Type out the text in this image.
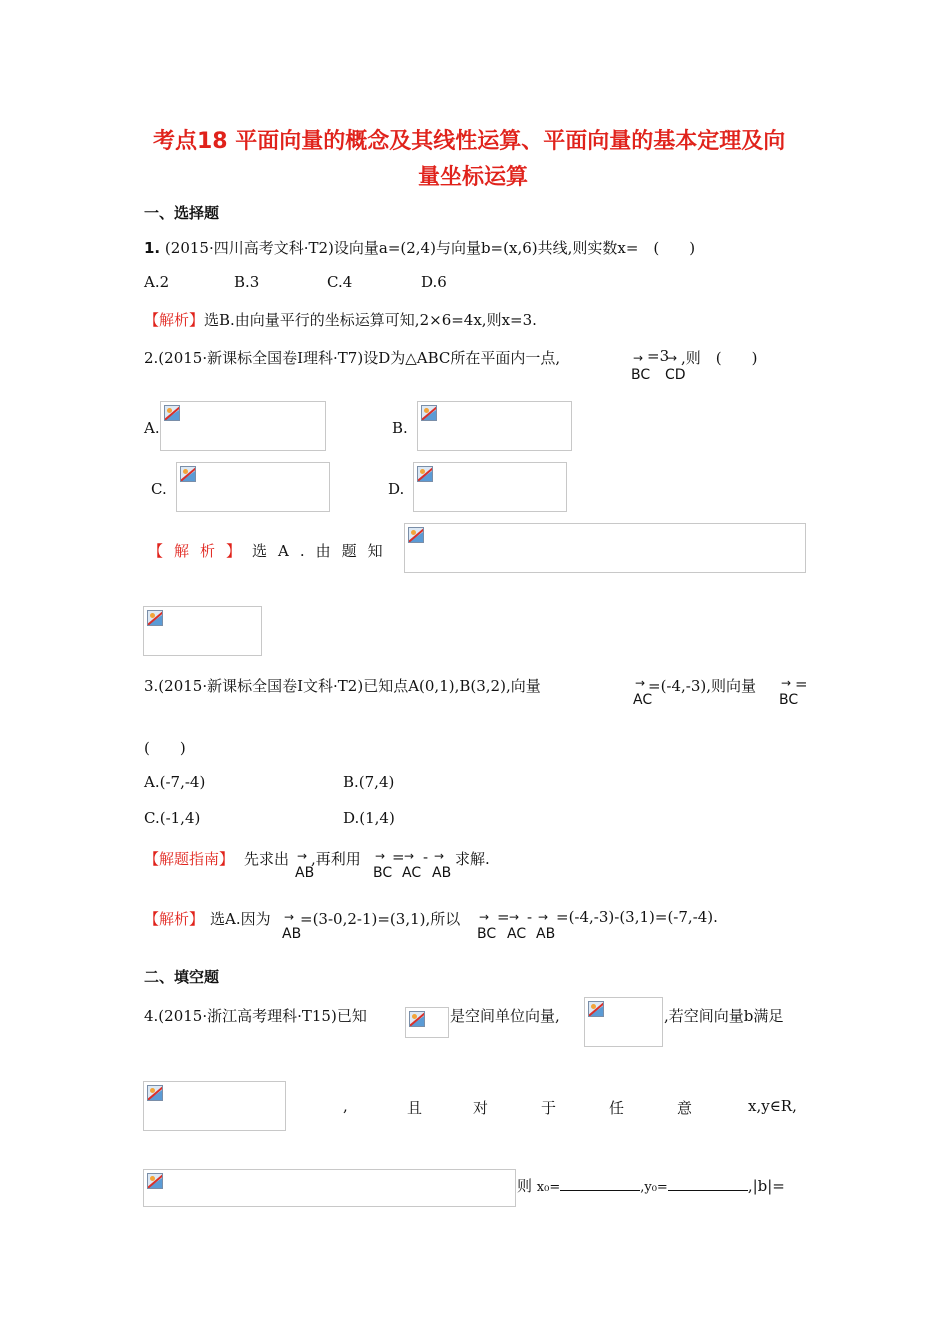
考点18 平面向量的概念及其线性运算、平面向量的基本定理及向
量坐标运算
一、选择题
1. (2015·四川高考文科·T2)设向量a=(2,4)与向量b=(x,6)共线,则实数x=　(　　)
A.2	B.3	C.4	D.6
【解析】选B.由向量平行的坐标运算可知,2×6=4x,则x=3.
2.(2015·新课标全国卷Ⅰ理科·T7)设D为△ABC所在平面内一点,	→
BC
=3
→
CD
,则　(　　)
A.	B.
C.	D.
【解析】选A.由题知
3.(2015·新课标全国卷Ⅰ文科·T2)已知点A(0,1),B(3,2),向量	→
AC
=(-4,-3),则向量 →
BC
=
(　　)
A.(-7,-4)	B.(7,4)
C.(-1,4)	D.(1,4)
【解题指南】 先求出 →
AB
,再利用 →
BC
= →
AC
- →
AB
求解.
【解析】 选A.因为 →
AB
=(3-0,2-1)=(3,1),所以 →
BC
= →
AC
- →
AB
=(-4,-3)-(3,1)=(-7,-4).
二、填空题
4.(2015·浙江高考理科·T15)已知	是空间单位向量,	,若空间向量b满足
,	且	对	于	任	意	x,y∈R,
则 x₀=	,y₀=	,|b|=
